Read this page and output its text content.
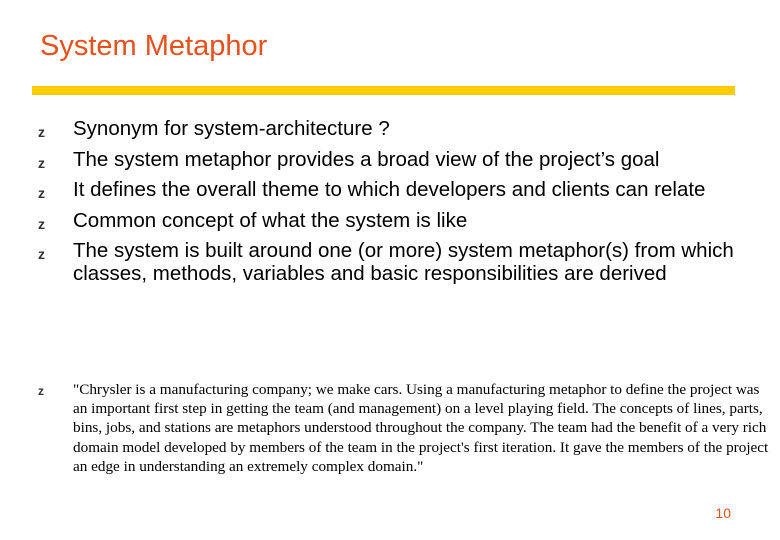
System Metaphor
z Synonym for system-architecture ?
z The system metaphor provides a broad view of the project’s goal
z It defines the overall theme to which developers and clients can relate
z Common concept of what the system is like
z The system is built around one (or more) system metaphor(s) from which classes, methods, variables and basic responsibilities are derived
z "Chrysler is a manufacturing company; we make cars. Using a manufacturing metaphor to define the project was an important first step in getting the team (and management) on a level playing field. The concepts of lines, parts, bins, jobs, and stations are metaphors understood throughout the company. The team had the benefit of a very rich domain model developed by members of the team in the project's first iteration. It gave the members of the project an edge in understanding an extremely complex domain."
10
